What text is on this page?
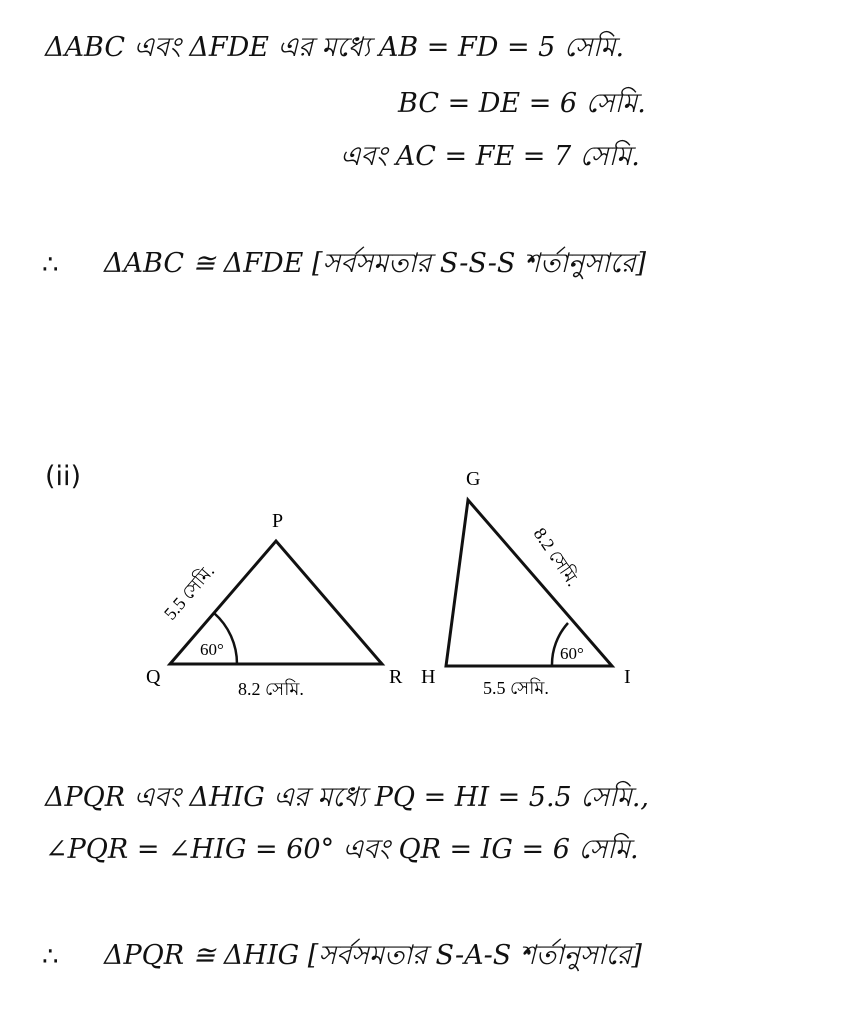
ΔABC এবং ΔFDE এর মধ্যে AB = FD = 5 সেমি.
BC = DE = 6 সেমি.
এবং AC = FE = 7 সেমি.
∴ ΔABC ≅ ΔFDE [সর্বসমতার S-S-S শর্তানুসারে]
(ii)
P
Q	R
G
H	I
5.5 সেমি.
8.2 সেমি.
60°
8.2 সেমি.
5.5 সেমি.
60°
ΔPQR এবং ΔHIG এর মধ্যে PQ = HI = 5.5 সেমি.,
∠PQR = ∠HIG = 60° এবং QR = IG = 6 সেমি.
∴ ΔPQR ≅ ΔHIG [সর্বসমতার S-A-S শর্তানুসারে]
